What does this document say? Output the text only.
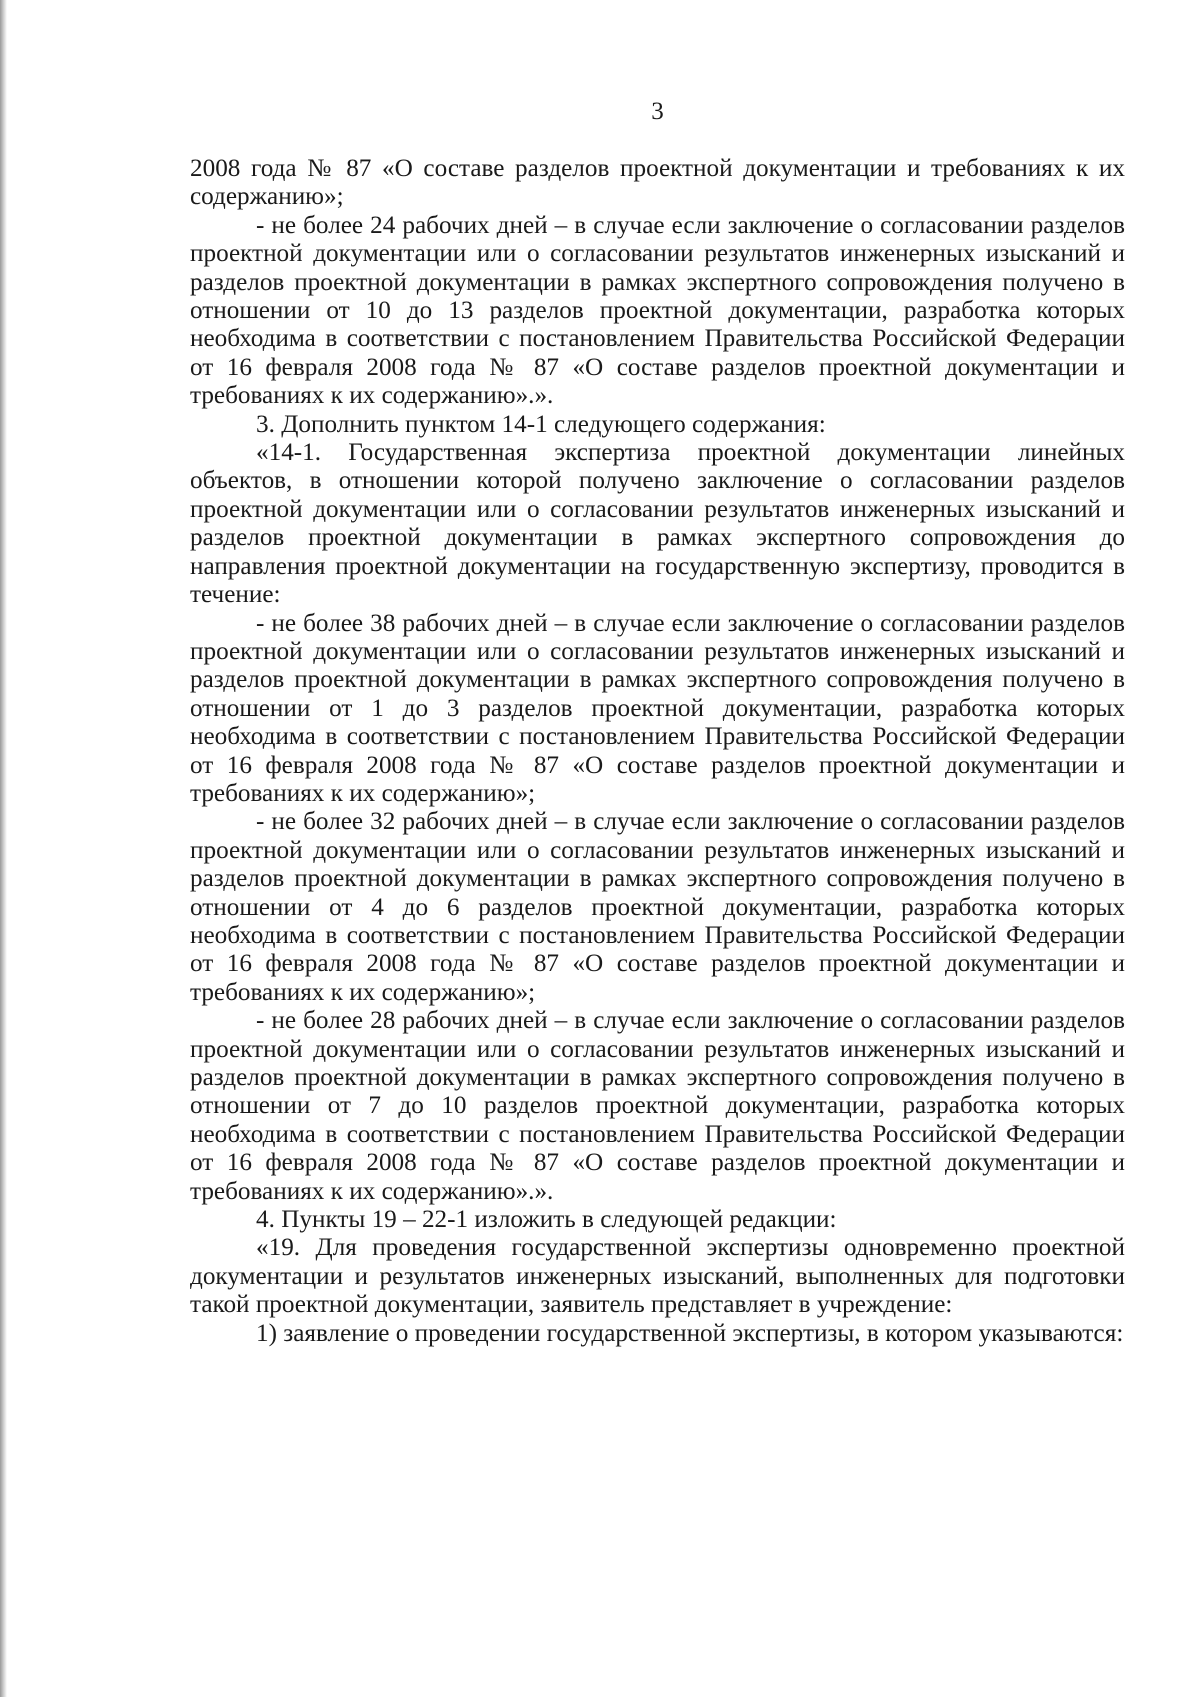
3

2008 года № 87 «О составе разделов проектной документации и требованиях к их содержанию»;

- не более 24 рабочих дней – в случае если заключение о согласовании разделов проектной документации или о согласовании результатов инженерных изысканий и разделов проектной документации в рамках экспертного сопровождения получено в отношении от 10 до 13 разделов проектной документации, разработка которых необходима в соответствии с постановлением Правительства Российской Федерации от 16 февраля 2008 года № 87 «О составе разделов проектной документации и требованиях к их содержанию».».

3. Дополнить пунктом 14-1 следующего содержания:

«14-1. Государственная экспертиза проектной документации линейных объектов, в отношении которой получено заключение о согласовании разделов проектной документации или о согласовании результатов инженерных изысканий и разделов проектной документации в рамках экспертного сопровождения до направления проектной документации на государственную экспертизу, проводится в течение:

- не более 38 рабочих дней – в случае если заключение о согласовании разделов проектной документации или о согласовании результатов инженерных изысканий и разделов проектной документации в рамках экспертного сопровождения получено в отношении от 1 до 3 разделов проектной документации, разработка которых необходима в соответствии с постановлением Правительства Российской Федерации от 16 февраля 2008 года № 87 «О составе разделов проектной документации и требованиях к их содержанию»;

- не более 32 рабочих дней – в случае если заключение о согласовании разделов проектной документации или о согласовании результатов инженерных изысканий и разделов проектной документации в рамках экспертного сопровождения получено в отношении от 4 до 6 разделов проектной документации, разработка которых необходима в соответствии с постановлением Правительства Российской Федерации от 16 февраля 2008 года № 87 «О составе разделов проектной документации и требованиях к их содержанию»;

- не более 28 рабочих дней – в случае если заключение о согласовании разделов проектной документации или о согласовании результатов инженерных изысканий и разделов проектной документации в рамках экспертного сопровождения получено в отношении от 7 до 10 разделов проектной документации, разработка которых необходима в соответствии с постановлением Правительства Российской Федерации от 16 февраля 2008 года № 87 «О составе разделов проектной документации и требованиях к их содержанию».».

4. Пункты 19 – 22-1 изложить в следующей редакции:

«19. Для проведения государственной экспертизы одновременно проектной документации и результатов инженерных изысканий, выполненных для подготовки такой проектной документации, заявитель представляет в учреждение:

1) заявление о проведении государственной экспертизы, в котором указываются:
